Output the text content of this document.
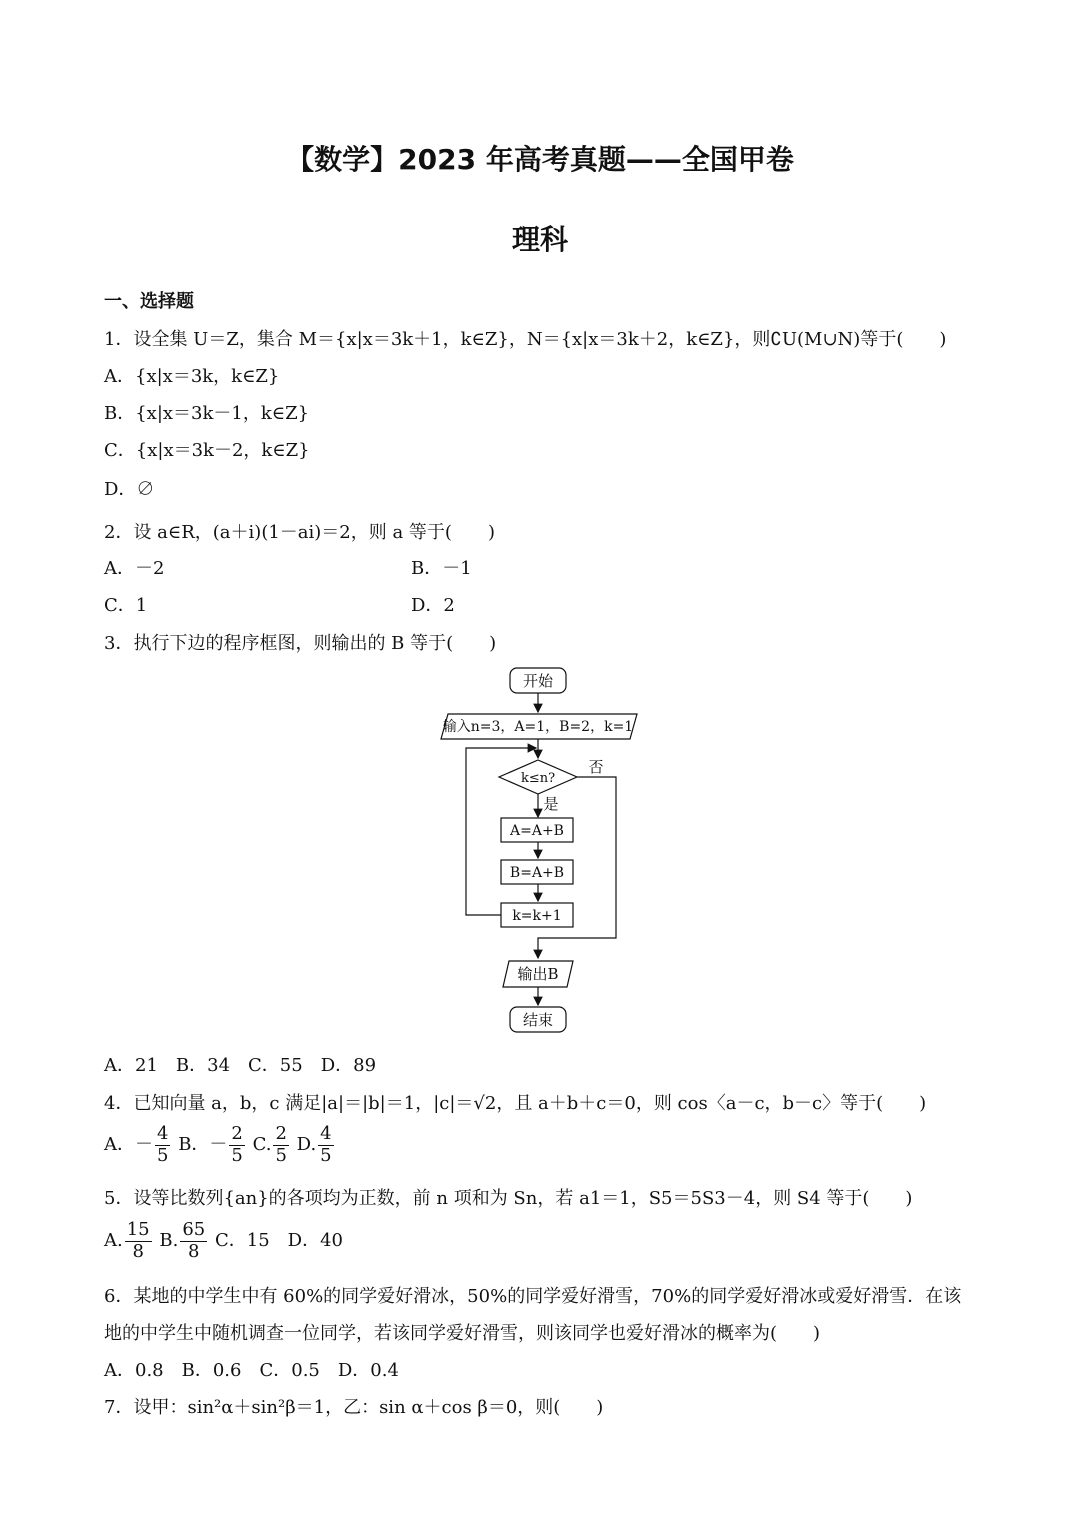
【数学】2023 年高考真题——全国甲卷
理科
一、选择题
1．设全集 U＝Z，集合 M＝{x|x＝3k＋1，k∈Z}，N＝{x|x＝3k＋2，k∈Z}，则∁U(M∪N)等于(　　)
A．{x|x＝3k，k∈Z}
B．{x|x＝3k－1，k∈Z}
C．{x|x＝3k－2，k∈Z}
D．∅
2．设 a∈R，(a＋i)(1－ai)＝2，则 a 等于(　　)
A．－2	B．－1
C．1	D．2
3．执行下边的程序框图，则输出的 B 等于(　　)
开始
输入n=3，A=1，B=2，k=1
k≤n?
否
是
A=A+B
B=A+B
k=k+1
输出B
结束
A．21　B．34　C．55　D．89
4．已知向量 a，b，c 满足|a|＝|b|＝1，|c|＝√2，且 a＋b＋c＝0，则 cos〈a－c，b－c〉等于(　　)
A．－ $\frac{4}{5}$ B．－ $\frac{2}{5} C$. $\frac{2}{5} D$. $\frac{4}{5}$
5．设等比数列{an}的各项均为正数，前 n 项和为 Sn，若 a1＝1，S5＝5S3－4，则 S4 等于(　　)
A. $\frac{15}{8} B$. $\frac{65}{8}$ C．15　D．40
6．某地的中学生中有 60%的同学爱好滑冰，50%的同学爱好滑雪，70%的同学爱好滑冰或爱好滑雪．在该
地的中学生中随机调查一位同学，若该同学爱好滑雪，则该同学也爱好滑冰的概率为(　　)
A．0.8　B．0.6　C．0.5　D．0.4
7．设甲：sin²α＋sin²β＝1，乙：sin α＋cos β＝0，则(　　)
